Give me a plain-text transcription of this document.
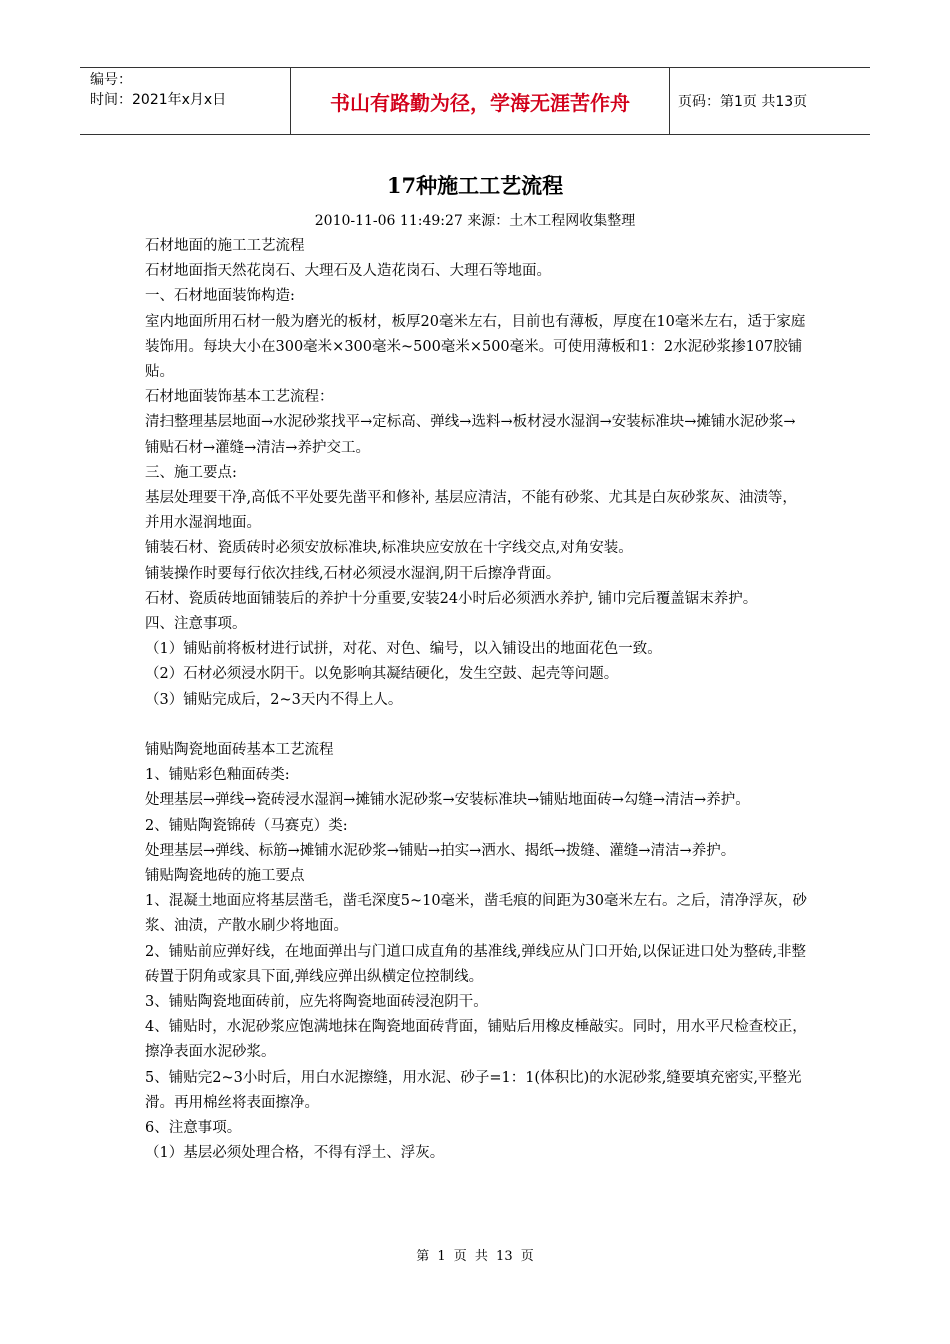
编号：
时间：2021年x月x日	书山有路勤为径，学海无涯苦作舟	页码：第1页 共13页
17种施工工艺流程
2010-11-06 11:49:27 来源：土木工程网收集整理

石材地面的施工工艺流程

石材地面指天然花岗石、大理石及人造花岗石、大理石等地面。

一、石材地面装饰构造:

室内地面所用石材一般为磨光的板材，板厚20毫米左右，目前也有薄板，厚度在10毫米左右，适于家庭装饰用。每块大小在300毫米×300毫米~500毫米×500毫米。可使用薄板和1：2水泥砂浆掺107胶铺贴。

石材地面装饰基本工艺流程：

清扫整理基层地面→水泥砂浆找平→定标高、弹线→选料→板材浸水湿润→安装标准块→摊铺水泥砂浆→铺贴石材→灌缝→清洁→养护交工。

三、施工要点:

基层处理要干净,高低不平处要先凿平和修补, 基层应清洁，不能有砂浆、尤其是白灰砂浆灰、油渍等，并用水湿润地面。

铺装石材、瓷质砖时必须安放标准块,标准块应安放在十字线交点,对角安装。

铺装操作时要每行依次挂线,石材必须浸水湿润,阴干后擦净背面。

石材、瓷质砖地面铺装后的养护十分重要,安装24小时后必须洒水养护, 铺巾完后覆盖锯末养护。

四、注意事项。

（1）铺贴前将板材进行试拼，对花、对色、编号，以入铺设出的地面花色一致。

（2）石材必须浸水阴干。以免影响其凝结硬化，发生空鼓、起壳等问题。

（3）铺贴完成后，2~3天内不得上人。

铺贴陶瓷地面砖基本工艺流程

1、铺贴彩色釉面砖类:

处理基层→弹线→瓷砖浸水湿润→摊铺水泥砂浆→安装标准块→铺贴地面砖→勾缝→清洁→养护。

2、铺贴陶瓷锦砖（马赛克）类:

处理基层→弹线、标筋→摊铺水泥砂浆→铺贴→拍实→洒水、揭纸→拨缝、灌缝→清洁→养护。

铺贴陶瓷地砖的施工要点

1、混凝土地面应将基层凿毛，凿毛深度5~10毫米，凿毛痕的间距为30毫米左右。之后，清净浮灰，砂浆、油渍，产散水刷少将地面。

2、铺贴前应弹好线，在地面弹出与门道口成直角的基准线,弹线应从门口开始,以保证进口处为整砖,非整砖置于阴角或家具下面,弹线应弹出纵横定位控制线。

3、铺贴陶瓷地面砖前，应先将陶瓷地面砖浸泡阴干。

4、铺贴时，水泥砂浆应饱满地抹在陶瓷地面砖背面，铺贴后用橡皮棰敲实。同时，用水平尺检查校正，擦净表面水泥砂浆。

5、铺贴完2~3小时后，用白水泥擦缝，用水泥、砂子=1：1(体积比)的水泥砂浆,缝要填充密实,平整光滑。再用棉丝将表面擦净。

6、注意事项。

（1）基层必须处理合格，不得有浮土、浮灰。

第 1 页 共 13 页
